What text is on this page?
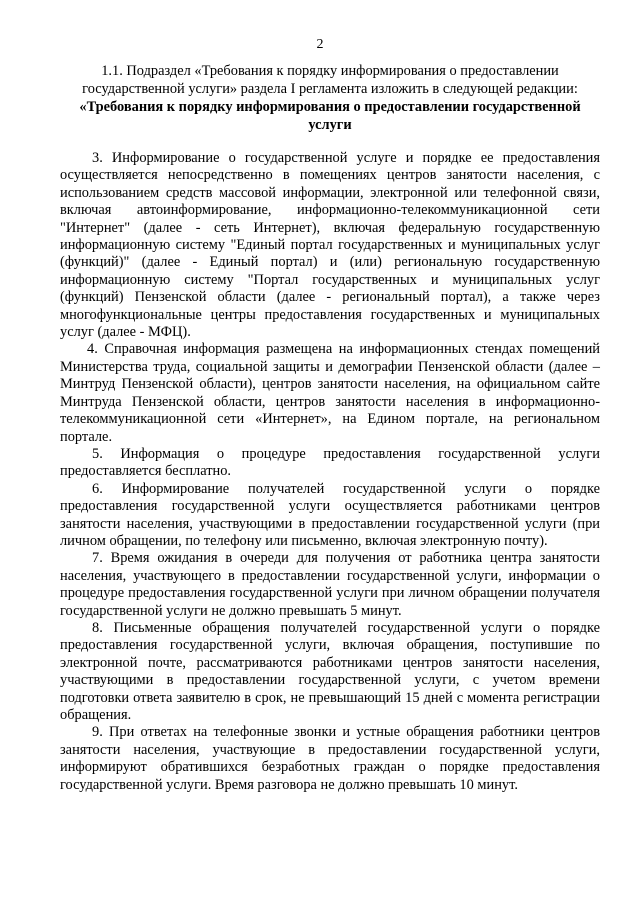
2
1.1. Подраздел «Требования к порядку информирования о предоставлении государственной услуги» раздела I регламента изложить в следующей редакции:
«Требования к порядку информирования о предоставлении государственной услуги

3. Информирование о государственной услуге и порядке ее предоставления осуществляется непосредственно в помещениях центров занятости населения, с использованием средств массовой информации, электронной или телефонной связи, включая автоинформирование, информационно-телекоммуникационной сети "Интернет" (далее - сеть Интернет), включая федеральную государственную информационную систему "Единый портал государственных и муниципальных услуг (функций)" (далее - Единый портал) и (или) региональную государственную информационную систему "Портал государственных и муниципальных услуг (функций) Пензенской области (далее - региональный портал), а также через многофункциональные центры предоставления государственных и муниципальных услуг (далее - МФЦ).

4. Справочная информация размещена на информационных стендах помещений Министерства труда, социальной защиты и демографии Пензенской области (далее – Минтруд Пензенской области), центров занятости населения, на официальном сайте Минтруда Пензенской области, центров занятости населения в информационно-телекоммуникационной сети «Интернет», на Едином портале, на региональном портале.

5. Информация о процедуре предоставления государственной услуги предоставляется бесплатно.

6. Информирование получателей государственной услуги о порядке предоставления государственной услуги осуществляется работниками центров занятости населения, участвующими в предоставлении государственной услуги (при личном обращении, по телефону или письменно, включая электронную почту).

7. Время ожидания в очереди для получения от работника центра занятости населения, участвующего в предоставлении государственной услуги, информации о процедуре предоставления государственной услуги при личном обращении получателя государственной услуги не должно превышать 5 минут.

8. Письменные обращения получателей государственной услуги о порядке предоставления государственной услуги, включая обращения, поступившие по электронной почте, рассматриваются работниками центров занятости населения, участвующими в предоставлении государственной услуги, с учетом времени подготовки ответа заявителю в срок, не превышающий 15 дней с момента регистрации обращения.

9. При ответах на телефонные звонки и устные обращения работники центров занятости населения, участвующие в предоставлении государственной услуги, информируют обратившихся безработных граждан о порядке предоставления государственной услуги. Время разговора не должно превышать 10 минут.
